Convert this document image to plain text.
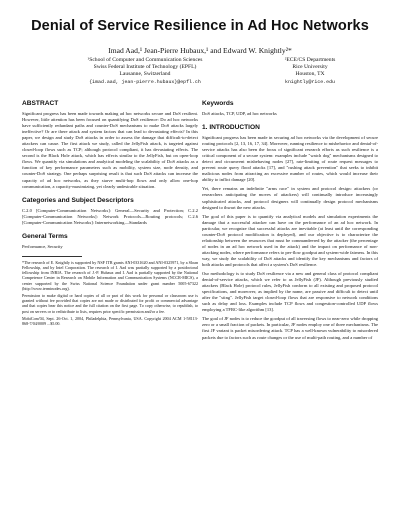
Denial of Service Resilience in Ad Hoc Networks
Imad Aad,¹ Jean-Pierre Hubaux,¹ and Edward W. Knightly²*
¹School of Computer and Communication Sciences
Swiss Federal Institute of Technology (EPFL)
Lausanne, Switzerland
{imad.aad, jean-pierre.hubaux}@epfl.ch
²ECE/CS Departments
Rice University
Houston, TX
knightly@rice.edu
ABSTRACT

Significant progress has been made towards making ad hoc networks secure and DoS resilient. However, little attention has been focused on quantifying DoS resilience: Do ad hoc networks have sufficiently redundant paths and counter-DoS mechanisms to make DoS attacks largely ineffective? Or are there attack and system factors that can lead to devastating effects? In this paper, we design and study DoS attacks in order to assess the damage that difficult-to-detect attackers can cause. The first attack we study, called the JellyFish attack, is targeted against closed-loop flows such as TCP; although protocol compliant, it has devastating effects. The second is the Black Hole attack, which has effects similar to the JellyFish, but on open-loop flows. We quantify via simulations and analytical modeling the scalability of DoS attacks as a function of key performance parameters such as mobility, system size, node density, and counter-DoS strategy. One perhaps surprising result is that such DoS attacks can increase the capacity of ad hoc networks, as they starve multi-hop flows and only allow one-hop communication, a capacity-maximizing, yet clearly undesirable situation.

Categories and Subject Descriptors

C.2.0 [Computer-Communication Networks]: General—Security and Protection; C.2.2 [Computer-Communication Networks]: Network Protocols—Routing protocols; C.2.6 [Computer-Communication Networks]: Internetworking—Standards

General Terms

Performance, Security

*The research of E. Knightly is supported by NSF ITR grants ANI-0331620 and ANI-0325971, by a Sloan Fellowship, and by Intel Corporation. The research of I. Aad was partially supported by a postdoctoral fellowship from INRIA. The research of J.-P. Hubaux and I. Aad is partially supported by the National Competence Center in Research on Mobile Information and Communication Systems (NCCR-MICS), a center supported by the Swiss National Science Foundation under grant number 5005-67322 (http://www.terminodes.org).

Permission to make digital or hard copies of all or part of this work for personal or classroom use is granted without fee provided that copies are not made or distributed for profit or commercial advantage and that copies bear this notice and the full citation on the first page. To copy otherwise, to republish, to post on servers or to redistribute to lists, requires prior specific permission and/or a fee.

MobiCom'04, Sept. 26-Oct. 1, 2004, Philadelphia, Pennsylvania, USA. Copyright 2004 ACM 1-58113-868-7/04/0009 ...$5.00.

Keywords

DoS attacks, TCP, UDP, ad hoc networks

1. INTRODUCTION

Significant progress has been made in securing ad hoc networks via the development of secure routing protocols [2, 13, 16, 17, 34]. Moreover, running resilience to misbehavior and denial-of-service attacks has also been the focus of significant research efforts as such resilience is a critical component of a secure system: examples include "watch dog" mechanisms designed to detect and circumvent misbehaving nodes [27], rate-limiting of route request messages to prevent route query flood attacks [17], and "rushing attack prevention" that seeks to inhibit malicious nodes from attracting an excessive number of routes, which would increase their ability to inflict damage [20].

Yet, there remains an indefinite "arms race" in system and protocol design: attackers (or researchers anticipating the moves of attackers) will continually introduce increasingly sophisticated attacks, and protocol designers will continually design protocol mechanisms designed to thwart the new attacks.

The goal of this paper is to quantify via analytical models and simulation experiments the damage that a successful attacker can have on the performance of an ad hoc network. In particular, we recognize that successful attacks are inevitable (at least until the corresponding counter-DoS protocol modification is deployed), and our objective is to characterize the relationship between the resources that must be commandeered by the attacker (the percentage of nodes in an ad hoc network used in the attack) and the impact on performance of non-attacking nodes, where performance refers to per-flow goodput and system-wide fairness. In this way, we study the scalability of DoS attacks and identify the key mechanisms and factors of both attacks and protocols that affect a system's DoS resilience.

Our methodology is to study DoS resilience via a new and general class of protocol compliant denial-of-service attacks, which we refer to as JellyFish (JF). Although previously studied attackers (Black Hole) protocol rules, JellyFish conform to all existing and proposed protocol specifications, and moreover, as implied by the name, are passive and difficult to detect until after the "sting". JellyFish target closed-loop flows that are responsive to network conditions such as delay and loss. Examples include TCP flows and congestion-controlled UDP flows employing a TFRC-like algorithm [13].

The goal of JF nodes is to reduce the goodput of all traversing flows to near-zero while dropping zero or a small fraction of packets. In particular, JF nodes employ one of three mechanisms. The first JF variant is packet misordering attack. TCP has a well-known vulnerability to misordered packets due to factors such as route changes or the use of multi-path routing, and a number of
